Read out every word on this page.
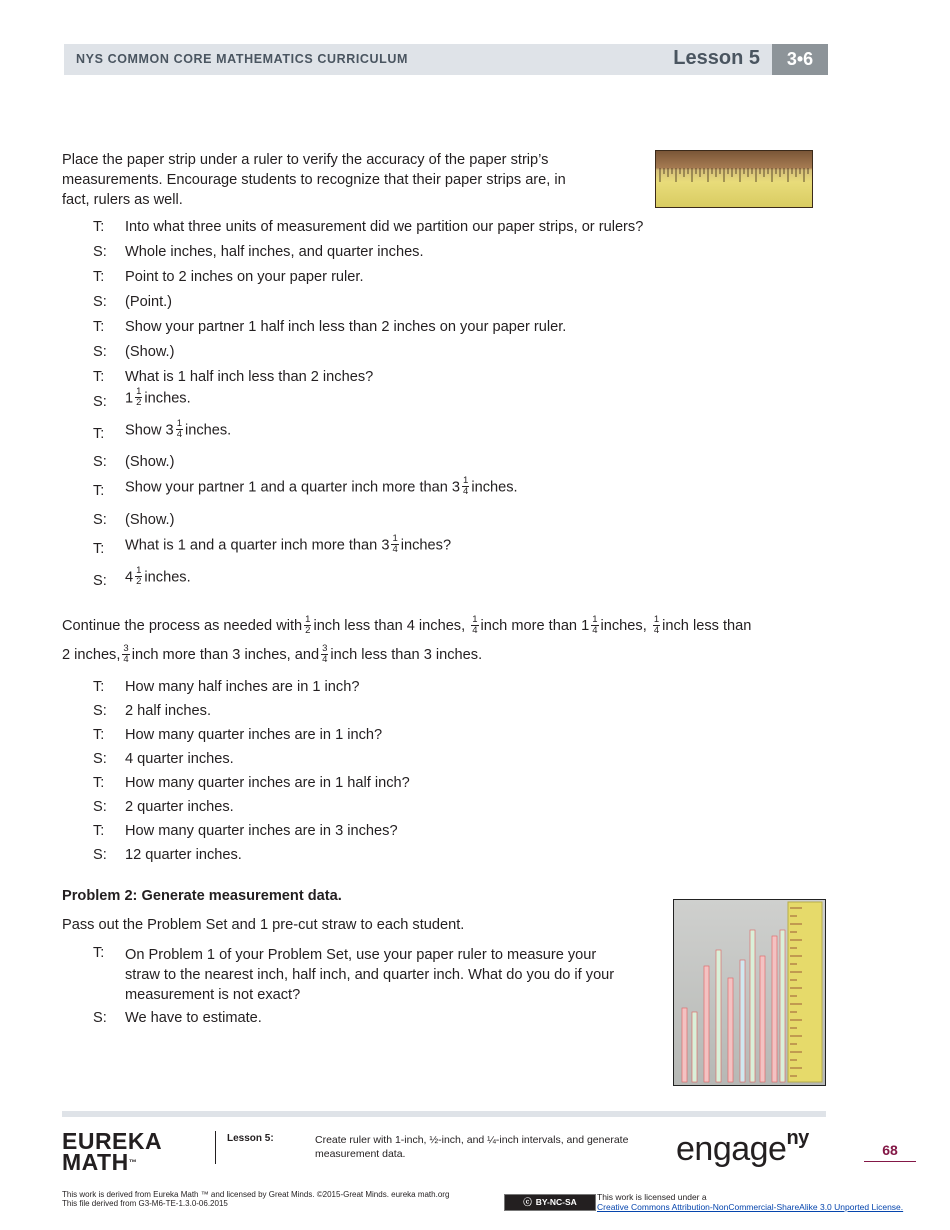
NYS COMMON CORE MATHEMATICS CURRICULUM	Lesson 5	3•6
Place the paper strip under a ruler to verify the accuracy of the paper strip’s
measurements. Encourage students to recognize that their paper strips are, in
fact, rulers as well.
T:	Into what three units of measurement did we partition our paper strips, or rulers?
S:	Whole inches, half inches, and quarter inches.
T:	Point to 2 inches on your paper ruler.
S:	(Point.)
T:	Show your partner 1 half inch less than 2 inches on your paper ruler.
S:	(Show.)
T:	What is 1 half inch less than 2 inches?
S:	$1 \frac{1}{2}$ inches.
T:	Show $3 \frac{1}{4}$ inches.
S:	(Show.)
T:	Show your partner 1 and a quarter inch more than $3 \frac{1}{4}$ inches.
S:	(Show.)
T:	What is 1 and a quarter inch more than $3 \frac{1}{4}$ inches?
S:	$4 \frac{1}{2}$ inches.
Continue the process as needed with $\frac{1}{2}$ inch less than 4 inches, $\frac{1}{4}$ inch more than $1 \frac{1}{4}$ inches, $\frac{1}{4}$ inch less than
2 inches, $\frac{3}{4}$ inch more than 3 inches, and $\frac{3}{4}$ inch less than 3 inches.
T:	How many half inches are in 1 inch?
S:	2 half inches.
T:	How many quarter inches are in 1 inch?
S:	4 quarter inches.
T:	How many quarter inches are in 1 half inch?
S:	2 quarter inches.
T:	How many quarter inches are in 3 inches?
S:	12 quarter inches.
Problem 2: Generate measurement data.
Pass out the Problem Set and 1 pre-cut straw to each student.
T:	On Problem 1 of your Problem Set, use your paper ruler to measure your
straw to the nearest inch, half inch, and quarter inch. What do you do if your
measurement is not exact?
S:	We have to estimate.
EUREKA
MATH™
Lesson 5:	Create ruler with 1-inch, ½-inch, and ¼-inch intervals, and generate measurement data.	engage$^{ny}$
68
This work is derived from Eureka Math ™ and licensed by Great Minds. ©2015-Great Minds. eureka math.org
This file derived from G3-M6-TE-1.3.0-06.2015	ⓒ BY-NC-SA	This work is licensed under a
Creative Commons Attribution-NonCommercial-ShareAlike 3.0 Unported License.
